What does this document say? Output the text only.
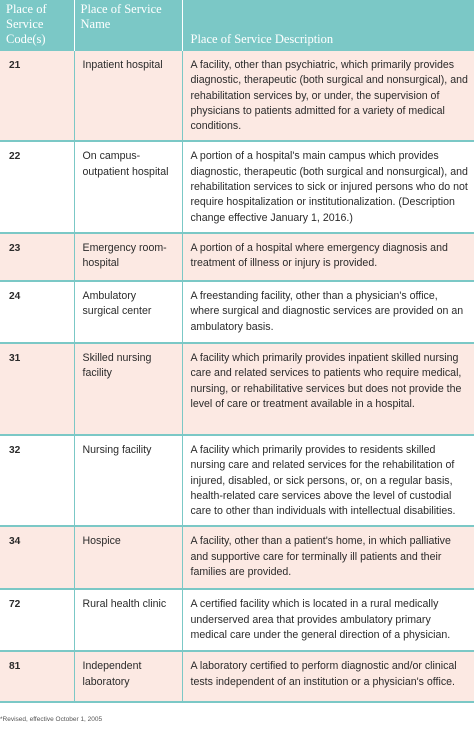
Place of Service Code(s)	Place of Service Name	Place of Service Description
21	Inpatient hospital	A facility, other than psychiatric, which primarily provides diagnostic, therapeutic (both surgical and nonsurgical), and rehabilitation services by, or under, the supervision of physicians to patients admitted for a variety of medical conditions.
22	On campus-outpatient hospital	A portion of a hospital's main campus which provides diagnostic, therapeutic (both surgical and nonsurgical), and rehabilitation services to sick or injured persons who do not require hospitalization or institutionalization. (Description change effective January 1, 2016.)
23	Emergency room-hospital	A portion of a hospital where emergency diagnosis and treatment of illness or injury is provided.
24	Ambulatory surgical center	A freestanding facility, other than a physician's office, where surgical and diagnostic services are provided on an ambulatory basis.
31	Skilled nursing facility	A facility which primarily provides inpatient skilled nursing care and related services to patients who require medical, nursing, or rehabilitative services but does not provide the level of care or treatment available in a hospital.
32	Nursing facility	A facility which primarily provides to residents skilled nursing care and related services for the rehabilitation of injured, disabled, or sick persons, or, on a regular basis, health-related care services above the level of custodial care to other than individuals with intellectual disabilities.
34	Hospice	A facility, other than a patient's home, in which palliative and supportive care for terminally ill patients and their families are provided.
72	Rural health clinic	A certified facility which is located in a rural medically underserved area that provides ambulatory primary medical care under the general direction of a physician.
81	Independent laboratory	A laboratory certified to perform diagnostic and/or clinical tests independent of an institution or a physician's office.
*Revised, effective October 1, 2005
